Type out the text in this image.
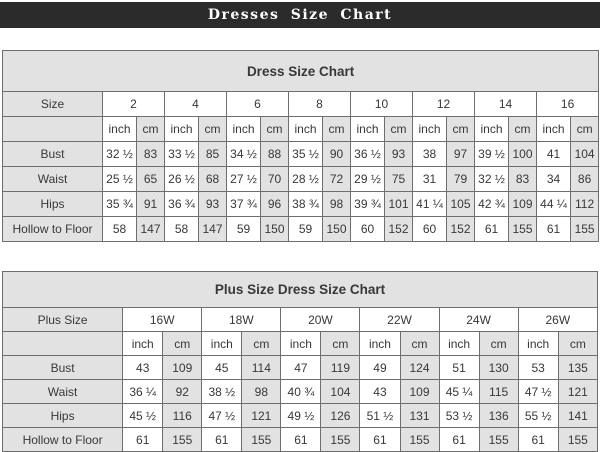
Dresses Size Chart
Dress Size Chart																
Size	2		4		6		8		10		12		14		16	
	inch	cm	inch	cm	inch	cm	inch	cm	inch	cm	inch	cm	inch	cm	inch	cm
Bust	32 ½	83	33 ½	85	34 ½	88	35 ½	90	36 ½	93	38	97	39 ½	100	41	104
Waist	25 ½	65	26 ½	68	27 ½	70	28 ½	72	29 ½	75	31	79	32 ½	83	34	86
Hips	35 ¾	91	36 ¾	93	37 ¾	96	38 ¾	98	39 ¾	101	41 ¼	105	42 ¾	109	44 ¼	112
Hollow to Floor	58	147	58	147	59	150	59	150	60	152	60	152	61	155	61	155
Plus Size Dress Size Chart												
Plus Size	16W		18W		20W		22W		24W		26W	
	inch	cm	inch	cm	inch	cm	inch	cm	inch	cm	inch	cm
Bust	43	109	45	114	47	119	49	124	51	130	53	135
Waist	36 ¼	92	38 ½	98	40 ¾	104	43	109	45 ¼	115	47 ½	121
Hips	45 ½	116	47 ½	121	49 ½	126	51 ½	131	53 ½	136	55 ½	141
Hollow to Floor	61	155	61	155	61	155	61	155	61	155	61	155
